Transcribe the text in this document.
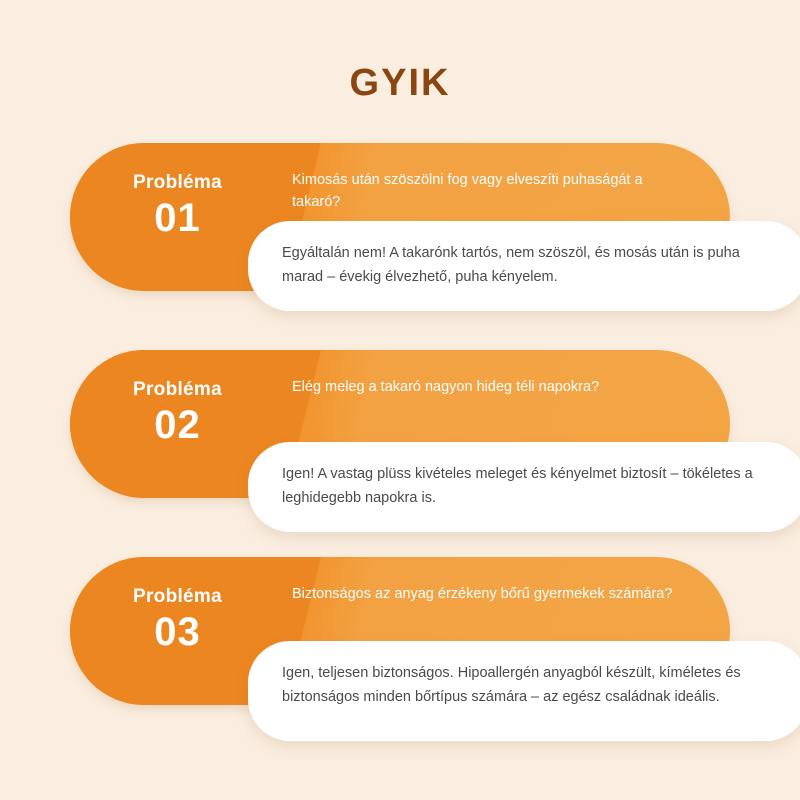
GYIK
Probléma
01
Kimosás után szöszölni fog vagy elveszíti puhaságát a takaró?
Egyáltalán nem! A takarónk tartós, nem szöszöl, és mosás után is puha marad – évekig élvezhető, puha kényelem.
Probléma
02
Elég meleg a takaró nagyon hideg téli napokra?
Igen! A vastag plüss kivételes meleget és kényelmet biztosít – tökéletes a leghidegebb napokra is.
Probléma
03
Biztonságos az anyag érzékeny bőrű gyermekek számára?
Igen, teljesen biztonságos. Hipoallergén anyagból készült, kíméletes és biztonságos minden bőrtípus számára – az egész családnak ideális.
